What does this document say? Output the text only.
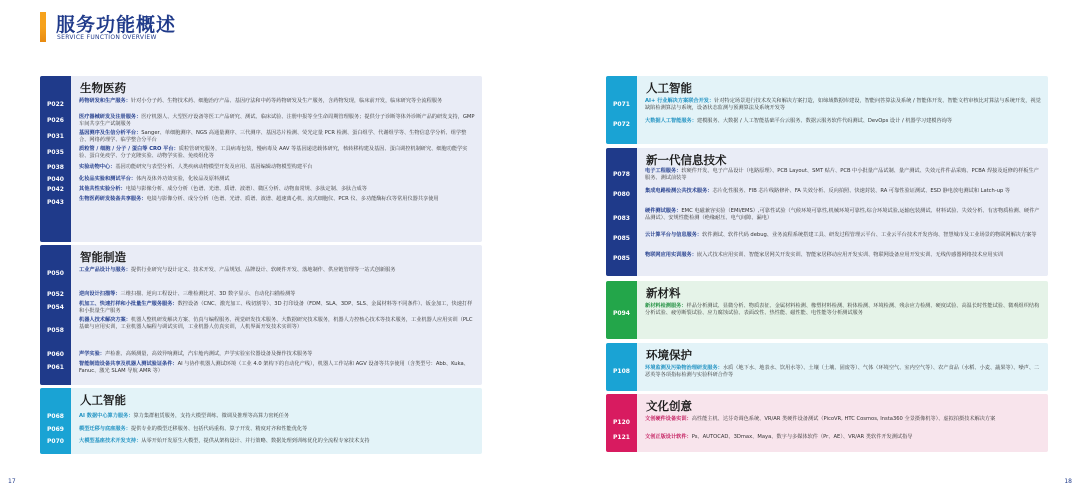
服务功能概述
SERVICE FUNCTION OVERVIEW
P022
P026
P031
P035
P038
P040
P042
P043
生物医药
药物研发和生产服务：针对小分子药、生物技术药、细胞治疗产品、基因疗法和中药等药物研发及生产服务，含药物发现，临床前开发，临床研究等全流程服务
医疗器械研发及注册服务：医疗机器人、大型医疗设备等医工产品研究、测试、临床试验、注册申报等全生命周期管理服务；提供分子诊断等体外诊断产品的研发支持，GMP 车间共享生产试制服务
基因测序及生信分析平台：Sanger、单细胞测序、NGS 高通量测序、三代测序、基因芯片检测、荧光定量 PCR 检测、蛋白组学、代谢组学等、生物信息学分析、组学整合、网络药理学、临学整合分平台
质粒管 / 细胞 / 分子 / 蛋白等 CRO 平台：质粒管研究服务，工具病毒包装，慢病毒及 AAV 等基因递送载体研究，核转移构建及基因、蛋白调控机制研究、细胞功能学实验、蛋白免疫学、分子克隆实验、动物学实验、免疫组化等
实验动物中心：基因功能研究与表型分析、人类疾病动物模型开发及应用、基因编辑动物模型构建平台
化妆品实验和测试平台：体内及体外功效实验，化妆品及原料测试
其他共性实验分析：电镜与影像分析、成分分析（色谱、光谱、质谱、波谱）、微区分析、动物血常规、多肽定制、多肽合成等
生物医药研发装备共享服务：电镜与影像分析、成分分析（色谱、光谱、质谱、波谱、超速离心机、流式细胞仪、PCR 仪、多功能酶标仪等常用仪器共享使用
P050
P052
P054
P058
P060
P061
智能制造
工业产品设计与服务：提供行业研究与设计定义、技术开发、产品规划、品牌设计、软硬件开发、落地制作、供应链管理等一站式创新服务
逆向设计扫描等：三维扫描、逆向工程设计、三维检测比对、3D 数字显示、自动化扫描检测等
机加工、快速打样和小批量生产服务服务：数控设备（CNC、激光加工、线切割等）、3D 打印设备（FDM、SLA、3DP、SLS、金属材料等不同条件）、钣金加工，快速打样和小批量生产服务
机器人技术解决方案：机器人整机研发解决方案、仿真与编程服务、视觉研发技术服务、大数据研究技术服务，机器人力控核心技术等技术服务，工业机器人应用实训（PLC 基础与应用实训，工业机器人编程与调试实训，工业机器人仿真实训，人机界面开发技术实训等）
声学实验：声检准、高频测量，高效异响测试，汽车舱内测试，声学实验室仪器设备及操作技术服务等
智能制造设备共享及机器人测试验证条件：AI 与协作机器人测试环境（工业 4.0 架构下的自动化产线），机器人工作站和 AGV 设备等共享使用（含类型号：Abb、Kuka、Fanuc、激光 SLAM 导航 AMR 等）
P068
P069
P070
人工智能
AI 数据中心算力服务：算力集群租赁服务，支持大模型训练、微调及推理等高算力密耗任务
模型迁移与底座服务：提供专业的模型迁移服务、包括代码重构、算子开发、精度对齐和性能优化等
大模型基座技术开发支持：从零开始开发原生大模型，提供从架构设计、并行策略、数据处理到训练优化的全流程专家技术支持
P071
P072
人工智能
AI+ 行业解决方案联合开发：针对特定场景进行技术攻关和解决方案打造，如缔域数据库建设，智能问答算法及系统 / 智能体开发、智能文档审核比对算法与系统开发，视觉缺陷检测算法与系统，设备状态监测与预测算法及系统开发等
大数据人工智能服务：建模服务、大数据 / 人工智能基础平台云服务、数据云服务软件代码测试、DevOps 设计 / 机器学习建模咨询等
P078
P080
P083
P085
P085
新一代信息技术
电子工程服务：软硬件开发、电子产品设计（电路原理）、PCB Layout、SMT 贴片、PCB 中小批量产品试制、量产测试、失效元件件品采购、PCBA 焊接及返修的样板生产服务、测试前装等
集成电路检测公共技术服务：芯片化性服务、FIB 芯片线路修补、FA 失效分析、反向拍照、快速封装、RA 可靠性验证测试、ESD 静电放电测试和 Latch-up 等
硬件测试服务：EMC 电磁兼容实验（EMI/EMS）,可靠性试验（气候环境可靠性,机械环境可靠性,综合环境试验,运输包装测试、材料试验、失效分析、有害物质检测、硬件产品测试）、安规性能检测（绝缘耐压、电气间隙、漏电）
云计算平台与信息服务：软件测试、软件代码 debug、业务流程系统搭建工具、研发过程管理云平台、工业云平台技术开发咨询、智慧城市及工业场景的物联网解决方案等
物联网应用实训服务：嵌入式技术应用实训、智能家居网关开发实训、智能家居移动应用开发实训、物联网设备应用开发实训、无线传感器网络技术应用实训
P094
新材料
新材料检测服务：样品分析测试、显微分析、物质表征、金属材料检测、橡塑材料检测、粉体检测、环境检测、残余应力检测、硬度试验、高温长时性能试验、微观组织结构分析试验、疲劳断裂试验、应力腐蚀试验、表面改性、热性能、磁性能、电性能等分析测试服务
P108
环境保护
环境监测及污染物治理研发服务：水质（地下水、地表水、饮用水等）、土壤（土壤、固废等）、气体（环境空气、室内空气等）、农产食品（水稻、小麦、蔬果等）、噪声、二恶英等各项指标检测与实验科研合作等
P120
P121
文化创意
文创硬件设备实训：高性能主机、达芬奇调色系统、VR/AR 类硬件设备测试（PicoVR, HTC Cosmos, Insta360 全景摄像机等）、虚拟拍摄技术解决方案
文创正版设计软件：Ps、AUTOCAD、3Dmax、Maya、数字与多媒体软件（Pr、AE）、VR/AR 类软件开发测试指导
17	18
